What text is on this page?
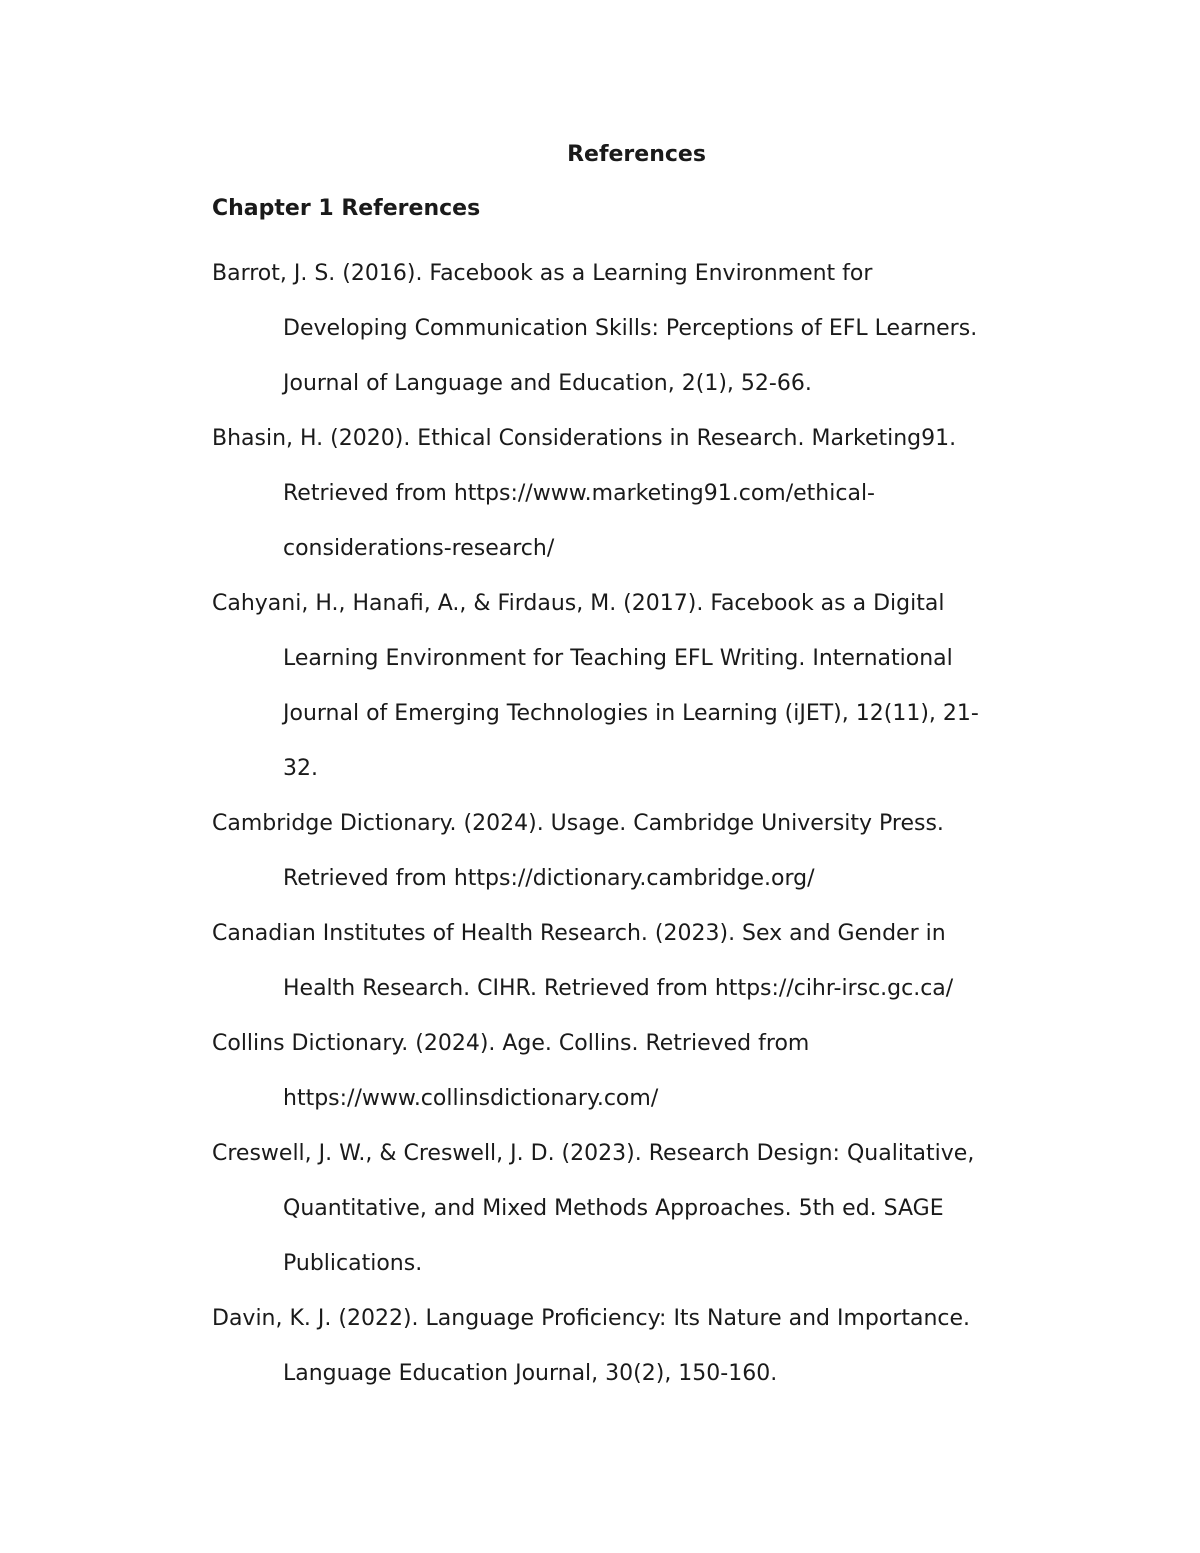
References
Chapter 1 References
Barrot, J. S. (2016). Facebook as a Learning Environment for
Developing Communication Skills: Perceptions of EFL Learners.
Journal of Language and Education, 2(1), 52-66.
Bhasin, H. (2020). Ethical Considerations in Research. Marketing91.
Retrieved from https://www.marketing91.com/ethical-
considerations-research/
Cahyani, H., Hanafi, A., & Firdaus, M. (2017). Facebook as a Digital
Learning Environment for Teaching EFL Writing. International
Journal of Emerging Technologies in Learning (iJET), 12(11), 21-
32.
Cambridge Dictionary. (2024). Usage. Cambridge University Press.
Retrieved from https://dictionary.cambridge.org/
Canadian Institutes of Health Research. (2023). Sex and Gender in
Health Research. CIHR. Retrieved from https://cihr-irsc.gc.ca/
Collins Dictionary. (2024). Age. Collins. Retrieved from
https://www.collinsdictionary.com/
Creswell, J. W., & Creswell, J. D. (2023). Research Design: Qualitative,
Quantitative, and Mixed Methods Approaches. 5th ed. SAGE
Publications.
Davin, K. J. (2022). Language Proficiency: Its Nature and Importance.
Language Education Journal, 30(2), 150-160.
